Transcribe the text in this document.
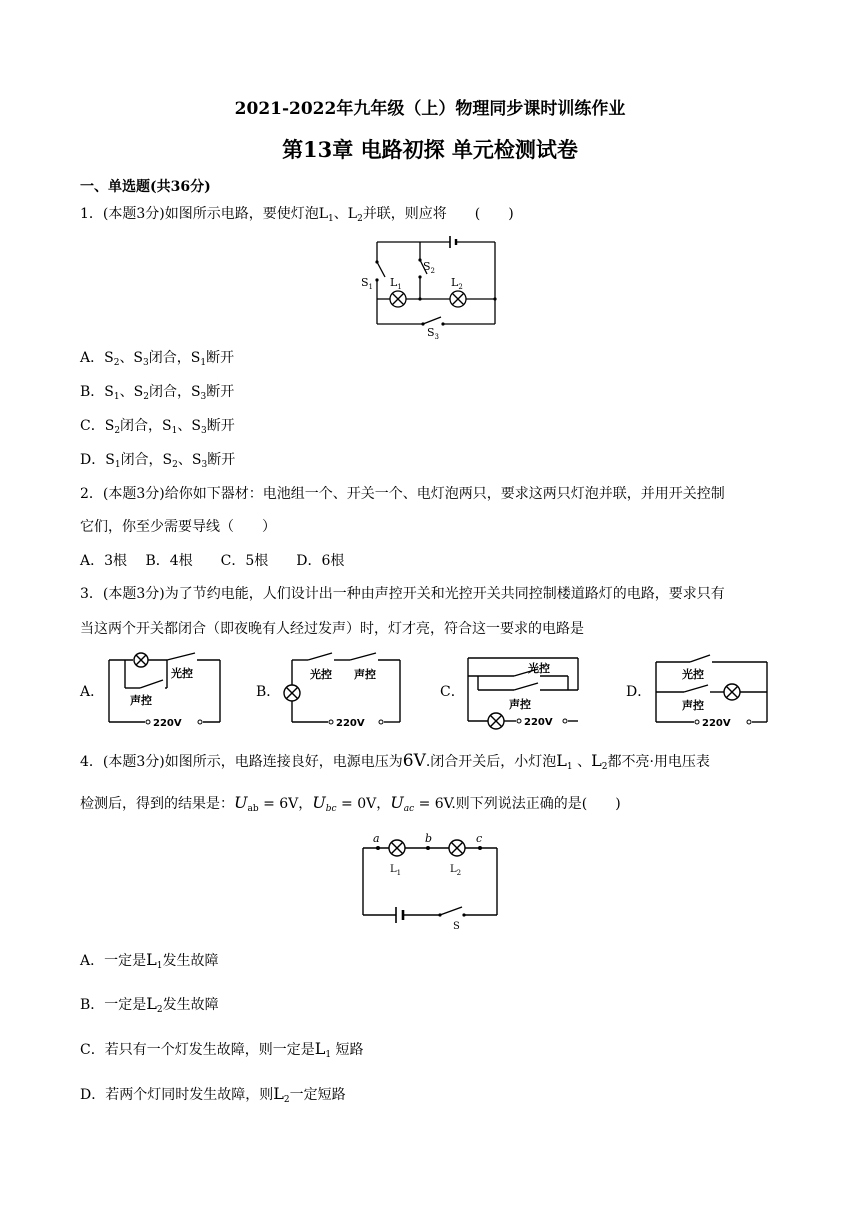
2021-2022年九年级（上）物理同步课时训练作业
第13章 电路初探 单元检测试卷
一、单选题(共36分)
1．(本题3分)如图所示电路，要使灯泡$L_1$、$L_2$并联，则应将　　(　　)
$S_1$
$S_2$
$L_1$	$L_2$
$S_3$
A．$S_2$、$S_3$闭合，$S_1$断开
B．$S_1$、$S_2$闭合，$S_3$断开
C．$S_2$闭合，$S_1$、$S_3$断开
D．$S_1$闭合，$S_2$、$S_3$断开
2．(本题3分)给你如下器材：电池组一个、开关一个、电灯泡两只，要求这两只灯泡并联，并用开关控制
它们，你至少需要导线（　　）
A．3根　 B．4根　　C．5根　　D．6根
3．(本题3分)为了节约电能，人们设计出一种由声控开关和光控开关共同控制楼道路灯的电路，要求只有
当这两个开关都闭合（即夜晚有人经过发声）时，灯才亮，符合这一要求的电路是
A．	B．	C．	D．
光控
声控
220V
光控 声控
220V
光控
声控
220V
光控
声控
220V
4．(本题3分)如图所示，电路连接良好，电源电压为6V.闭合开关后，小灯泡$L_1$ 、$L_2$都不亮·用电压表
检测后，得到的结果是：$U_{ab} = 6V$，$U_{bc} = 0V$，$U_{ac} = 6V$.则下列说法正确的是(　　)
a	b	c
$L_1$	$L_2$
S
A．一定是$L_1$发生故障
B．一定是$L_2$发生故障
C．若只有一个灯发生故障，则一定是$L_1$ 短路
D．若两个灯同时发生故障，则$L_2$一定短路
